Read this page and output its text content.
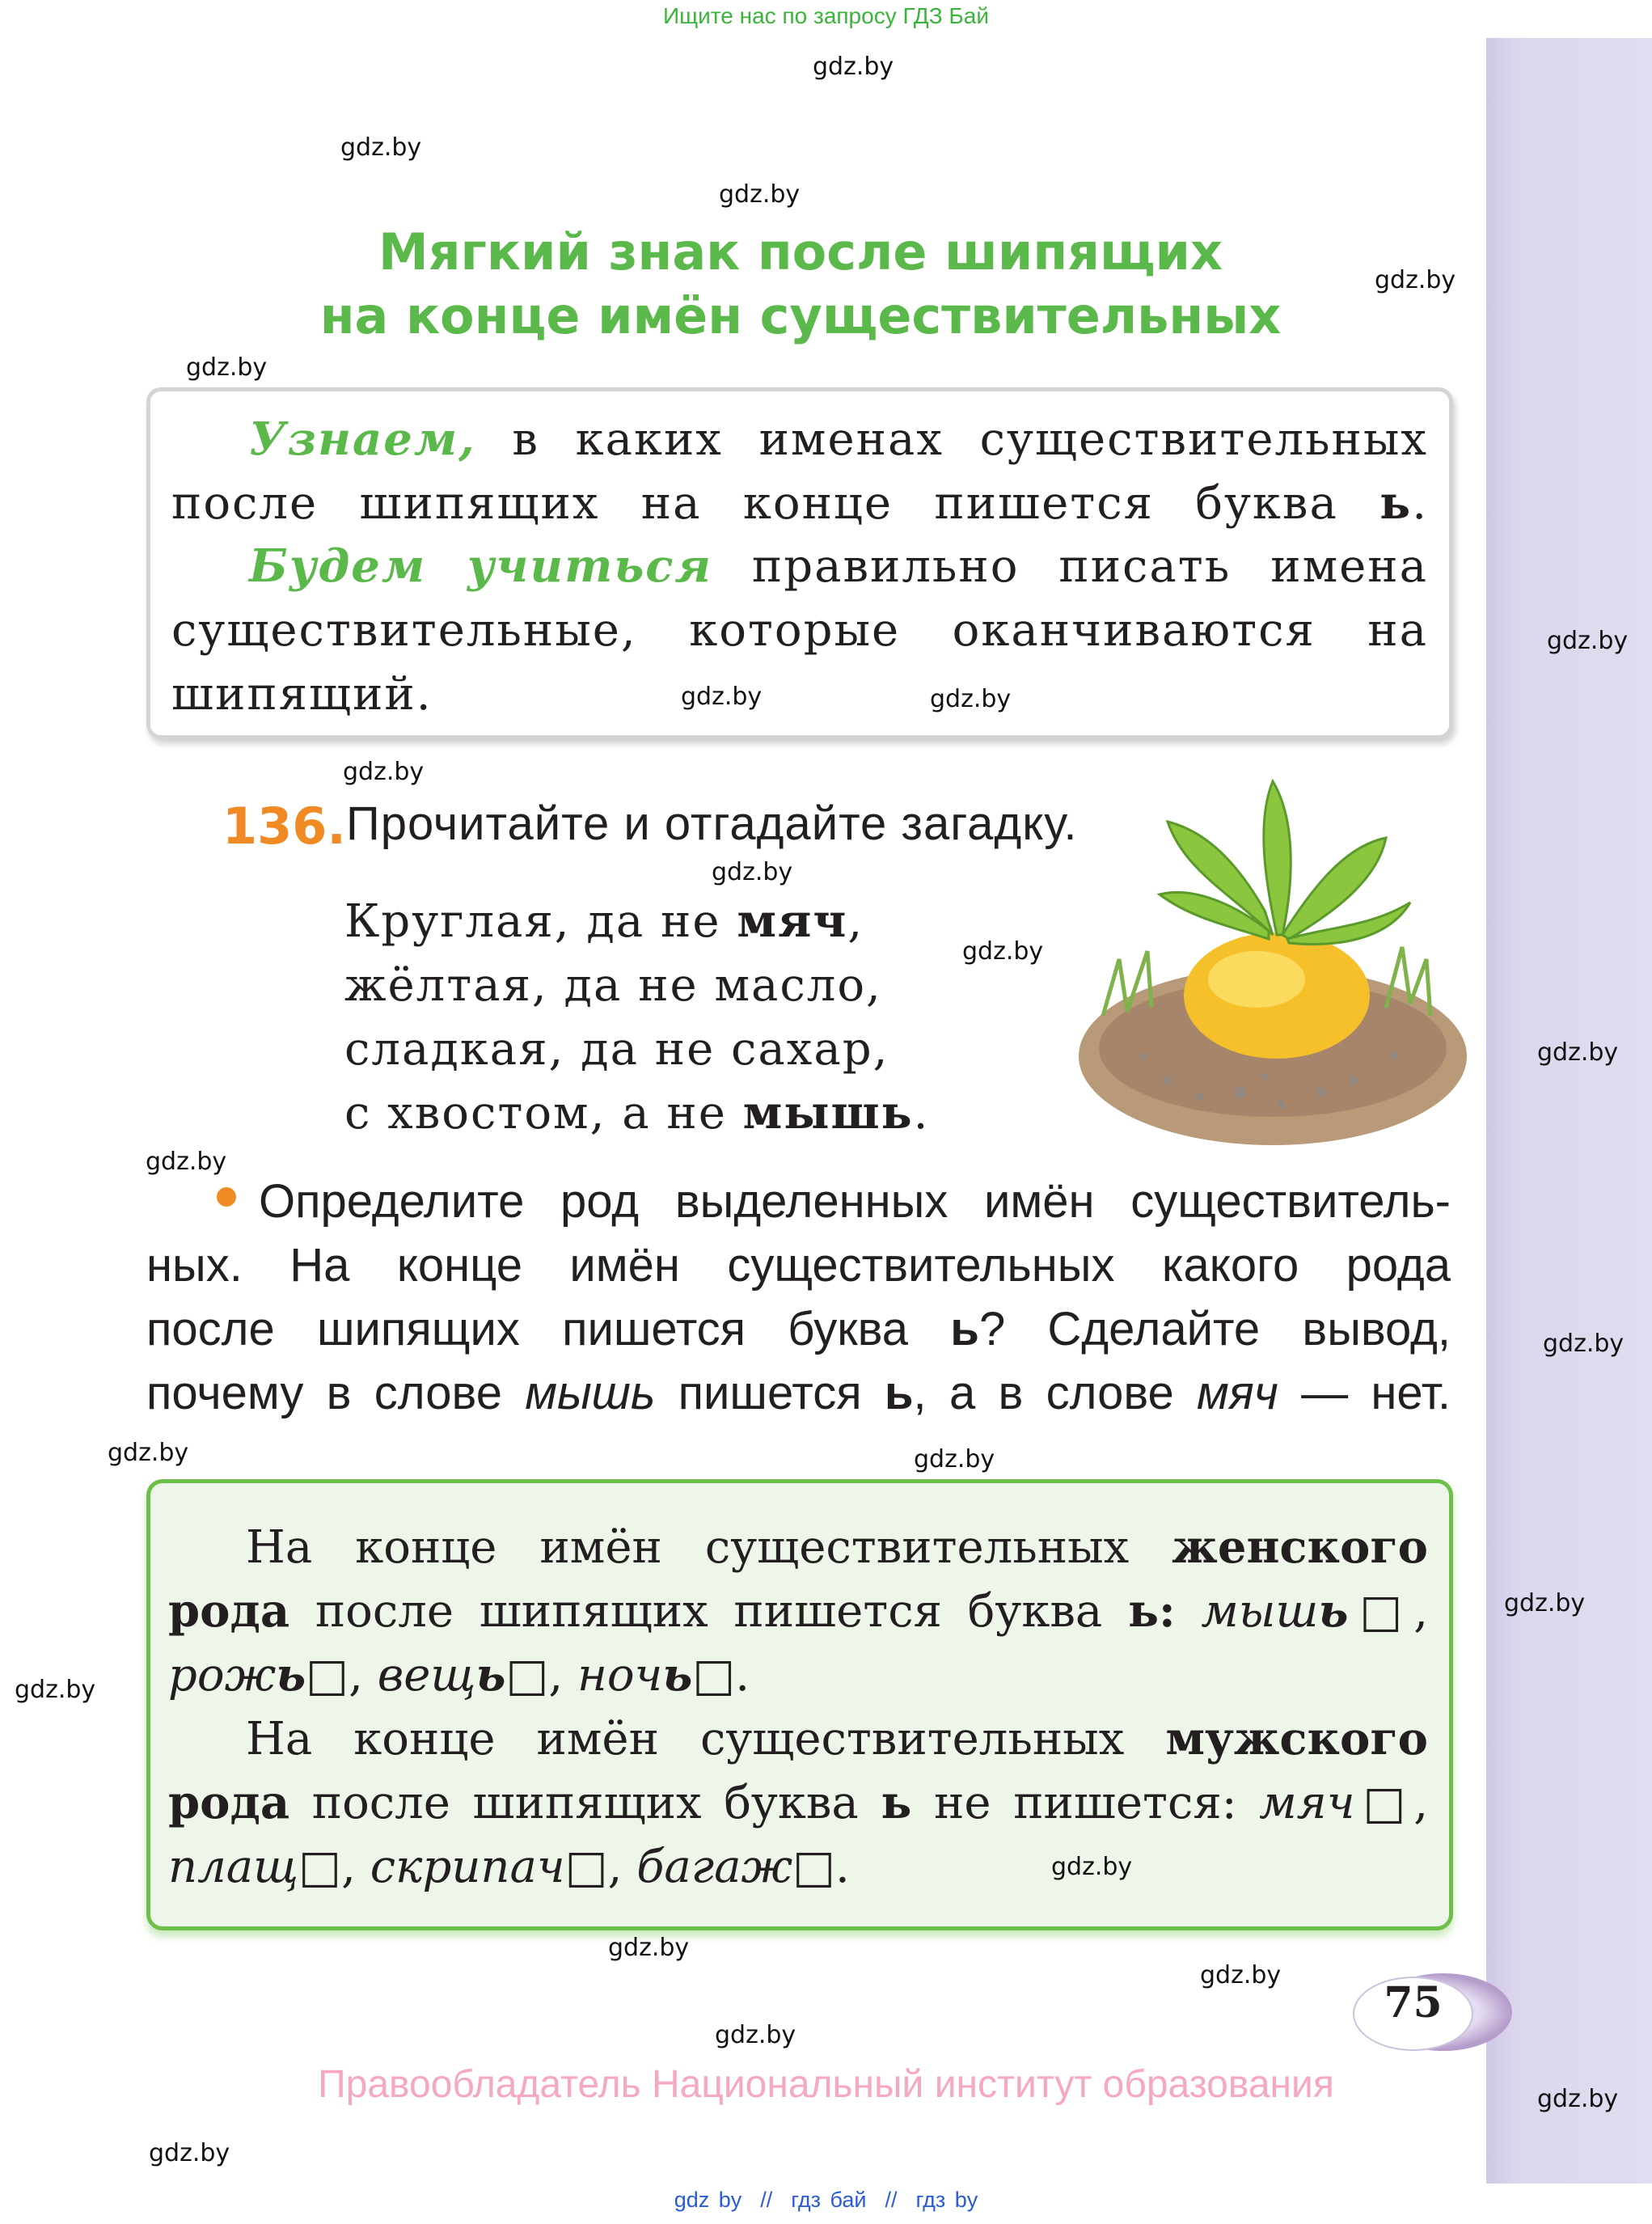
Ищите нас по запросу ГДЗ Бай
Мягкий знак после шипящих
на конце имён существительных
Узнаем, в каких именах существительных
после шипящих на конце пишется буква ь.
Будем учиться правильно писать имена
существительные, которые оканчиваются на
шипящий.
136. Прочитайте и отгадайте загадку.
Круглая, да не мяч,
жёлтая, да не масло,
сладкая, да не сахар,
с хвостом, а не мышь.
Определите род выделенных имён существитель-
ных. На конце имён существительных какого рода
после шипящих пишется буква ь? Сделайте вывод,
почему в слове мышь пишется ь, а в слове мяч — нет.
На конце имён существительных женского
рода после шипящих пишется буква ь: мышь□,
рожь□, вещь□, ночь□.
На конце имён существительных мужского
рода после шипящих буква ь не пишется: мяч□,
плащ□, скрипач□, багаж□.
75
Правообладатель Национальный институт образования
gdz by  //  гдз бай  //  гдз by
gdz.by
gdz.by
gdz.by
gdz.by
gdz.by
gdz.by
gdz.by
gdz.by
gdz.by
gdz.by
gdz.by
gdz.by
gdz.by
gdz.by
gdz.by	gdz.by
gdz.by
gdz.by
gdz.by
gdz.by
gdz.by
gdz.by
gdz.by
gdz.by
